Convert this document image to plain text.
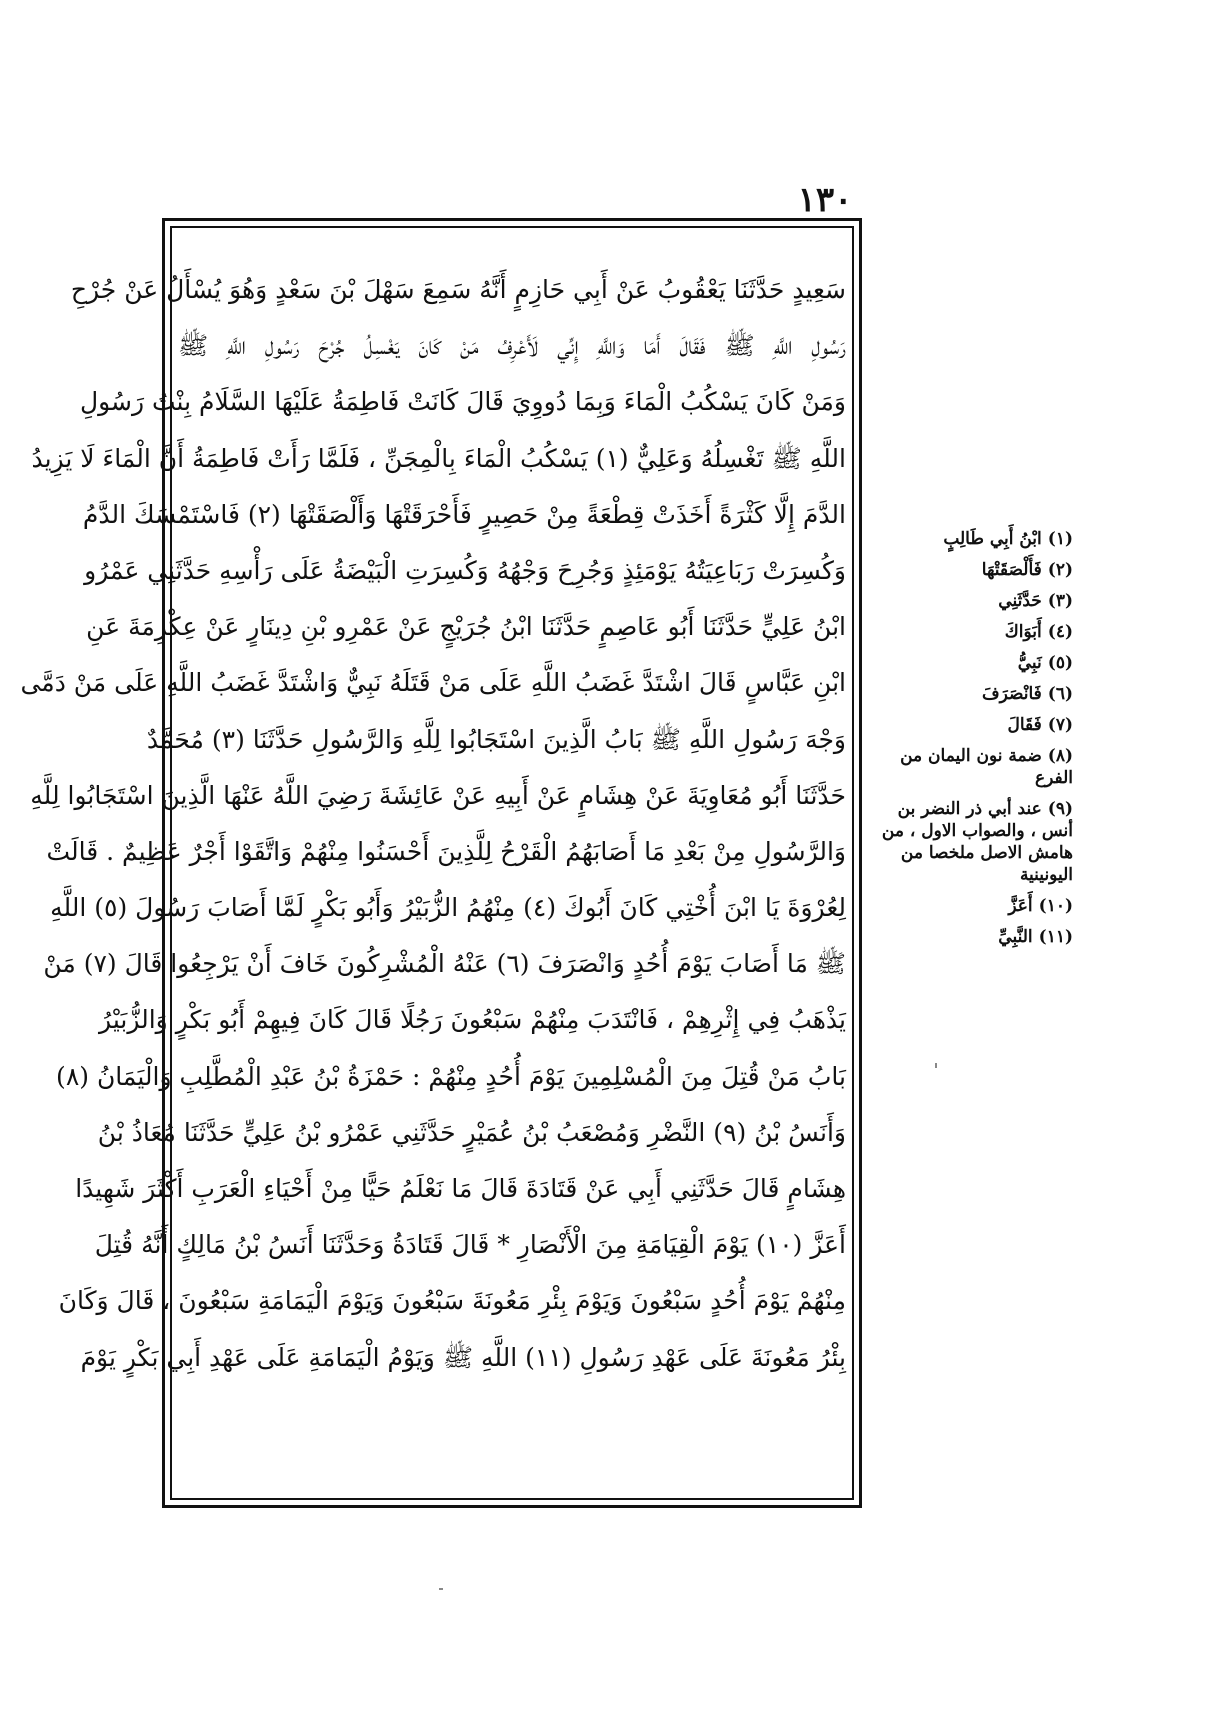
١٣٠
سَعِيدٍ حَدَّثَنَا يَعْقُوبُ عَنْ أَبِي حَازِمٍ أَنَّهُ سَمِعَ سَهْلَ بْنَ سَعْدٍ وَهُوَ يُسْأَلُ عَنْ جُرْحِ
رَسُولِ اللَّهِ ﷺ فَقَالَ أَمَا وَاللَّهِ إِنِّي لَأَعْرِفُ مَنْ كَانَ يَغْسِلُ جُرْحَ رَسُولِ اللَّهِ ﷺ
وَمَنْ كَانَ يَسْكُبُ الْمَاءَ وَبِمَا دُووِيَ قَالَ كَانَتْ فَاطِمَةُ عَلَيْهَا السَّلَامُ بِنْتُ رَسُولِ
اللَّهِ ﷺ تَغْسِلُهُ وَعَلِيٌّ (١) يَسْكُبُ الْمَاءَ بِالْمِجَنِّ ، فَلَمَّا رَأَتْ فَاطِمَةُ أَنَّ الْمَاءَ لَا يَزِيدُ
الدَّمَ إِلَّا كَثْرَةً أَخَذَتْ قِطْعَةً مِنْ حَصِيرٍ فَأَحْرَقَتْهَا وَأَلْصَقَتْهَا (٢) فَاسْتَمْسَكَ الدَّمُ
وَكُسِرَتْ رَبَاعِيَتُهُ يَوْمَئِذٍ وَجُرِحَ وَجْهُهُ وَكُسِرَتِ الْبَيْضَةُ عَلَى رَأْسِهِ حَدَّثَنِي عَمْرُو
ابْنُ عَلِيٍّ حَدَّثَنَا أَبُو عَاصِمٍ حَدَّثَنَا ابْنُ جُرَيْجٍ عَنْ عَمْرِو بْنِ دِينَارٍ عَنْ عِكْرِمَةَ عَنِ
ابْنِ عَبَّاسٍ قَالَ اشْتَدَّ غَضَبُ اللَّهِ عَلَى مَنْ قَتَلَهُ نَبِيٌّ وَاشْتَدَّ غَضَبُ اللَّهِ عَلَى مَنْ دَمَّى
وَجْهَ رَسُولِ اللَّهِ ﷺ بَابُ الَّذِينَ اسْتَجَابُوا لِلَّهِ وَالرَّسُولِ حَدَّثَنَا (٣) مُحَمَّدٌ
حَدَّثَنَا أَبُو مُعَاوِيَةَ عَنْ هِشَامٍ عَنْ أَبِيهِ عَنْ عَائِشَةَ رَضِيَ اللَّهُ عَنْهَا الَّذِينَ اسْتَجَابُوا لِلَّهِ
وَالرَّسُولِ مِنْ بَعْدِ مَا أَصَابَهُمُ الْقَرْحُ لِلَّذِينَ أَحْسَنُوا مِنْهُمْ وَاتَّقَوْا أَجْرٌ عَظِيمٌ . قَالَتْ
لِعُرْوَةَ يَا ابْنَ أُخْتِي كَانَ أَبُوكَ (٤) مِنْهُمُ الزُّبَيْرُ وَأَبُو بَكْرٍ لَمَّا أَصَابَ رَسُولَ (٥) اللَّهِ
ﷺ مَا أَصَابَ يَوْمَ أُحُدٍ وَانْصَرَفَ (٦) عَنْهُ الْمُشْرِكُونَ خَافَ أَنْ يَرْجِعُوا قَالَ (٧) مَنْ
يَذْهَبُ فِي إِثْرِهِمْ ، فَانْتَدَبَ مِنْهُمْ سَبْعُونَ رَجُلًا قَالَ كَانَ فِيهِمْ أَبُو بَكْرٍ وَالزُّبَيْرُ
بَابُ مَنْ قُتِلَ مِنَ الْمُسْلِمِينَ يَوْمَ أُحُدٍ مِنْهُمْ : حَمْزَةُ بْنُ عَبْدِ الْمُطَّلِبِ وَالْيَمَانُ (٨)
وَأَنَسُ بْنُ (٩) النَّضْرِ وَمُصْعَبُ بْنُ عُمَيْرٍ حَدَّثَنِي عَمْرُو بْنُ عَلِيٍّ حَدَّثَنَا مُعَاذُ بْنُ
هِشَامٍ قَالَ حَدَّثَنِي أَبِي عَنْ قَتَادَةَ قَالَ مَا نَعْلَمُ حَيًّا مِنْ أَحْيَاءِ الْعَرَبِ أَكْثَرَ شَهِيدًا
أَعَزَّ (١٠) يَوْمَ الْقِيَامَةِ مِنَ الْأَنْصَارِ * قَالَ قَتَادَةُ وَحَدَّثَنَا أَنَسُ بْنُ مَالِكٍ أَنَّهُ قُتِلَ
مِنْهُمْ يَوْمَ أُحُدٍ سَبْعُونَ وَيَوْمَ بِئْرِ مَعُونَةَ سَبْعُونَ وَيَوْمَ الْيَمَامَةِ سَبْعُونَ ، قَالَ وَكَانَ
بِئْرُ مَعُونَةَ عَلَى عَهْدِ رَسُولِ (١١) اللَّهِ ﷺ وَيَوْمُ الْيَمَامَةِ عَلَى عَهْدِ أَبِي بَكْرٍ يَوْمَ
(١)ابْنُ أَبِي طَالِبٍ
(٢)فَأَلْصَقَتْهَا
(٣)حَدَّثَنِي
(٤)أَبَوَاكَ
(٥)نَبِيُّ
(٦)فَانْصَرَفَ
(٧)فَقَالَ
(٨)ضمة نون اليمان من الفرع
(٩)عند أبي ذر النضر بن أنس ، والصواب الاول ، من هامش الاصل ملخصا من اليونينية
(١٠)أَعَزَّ
(١١)النَّبِيِّ
